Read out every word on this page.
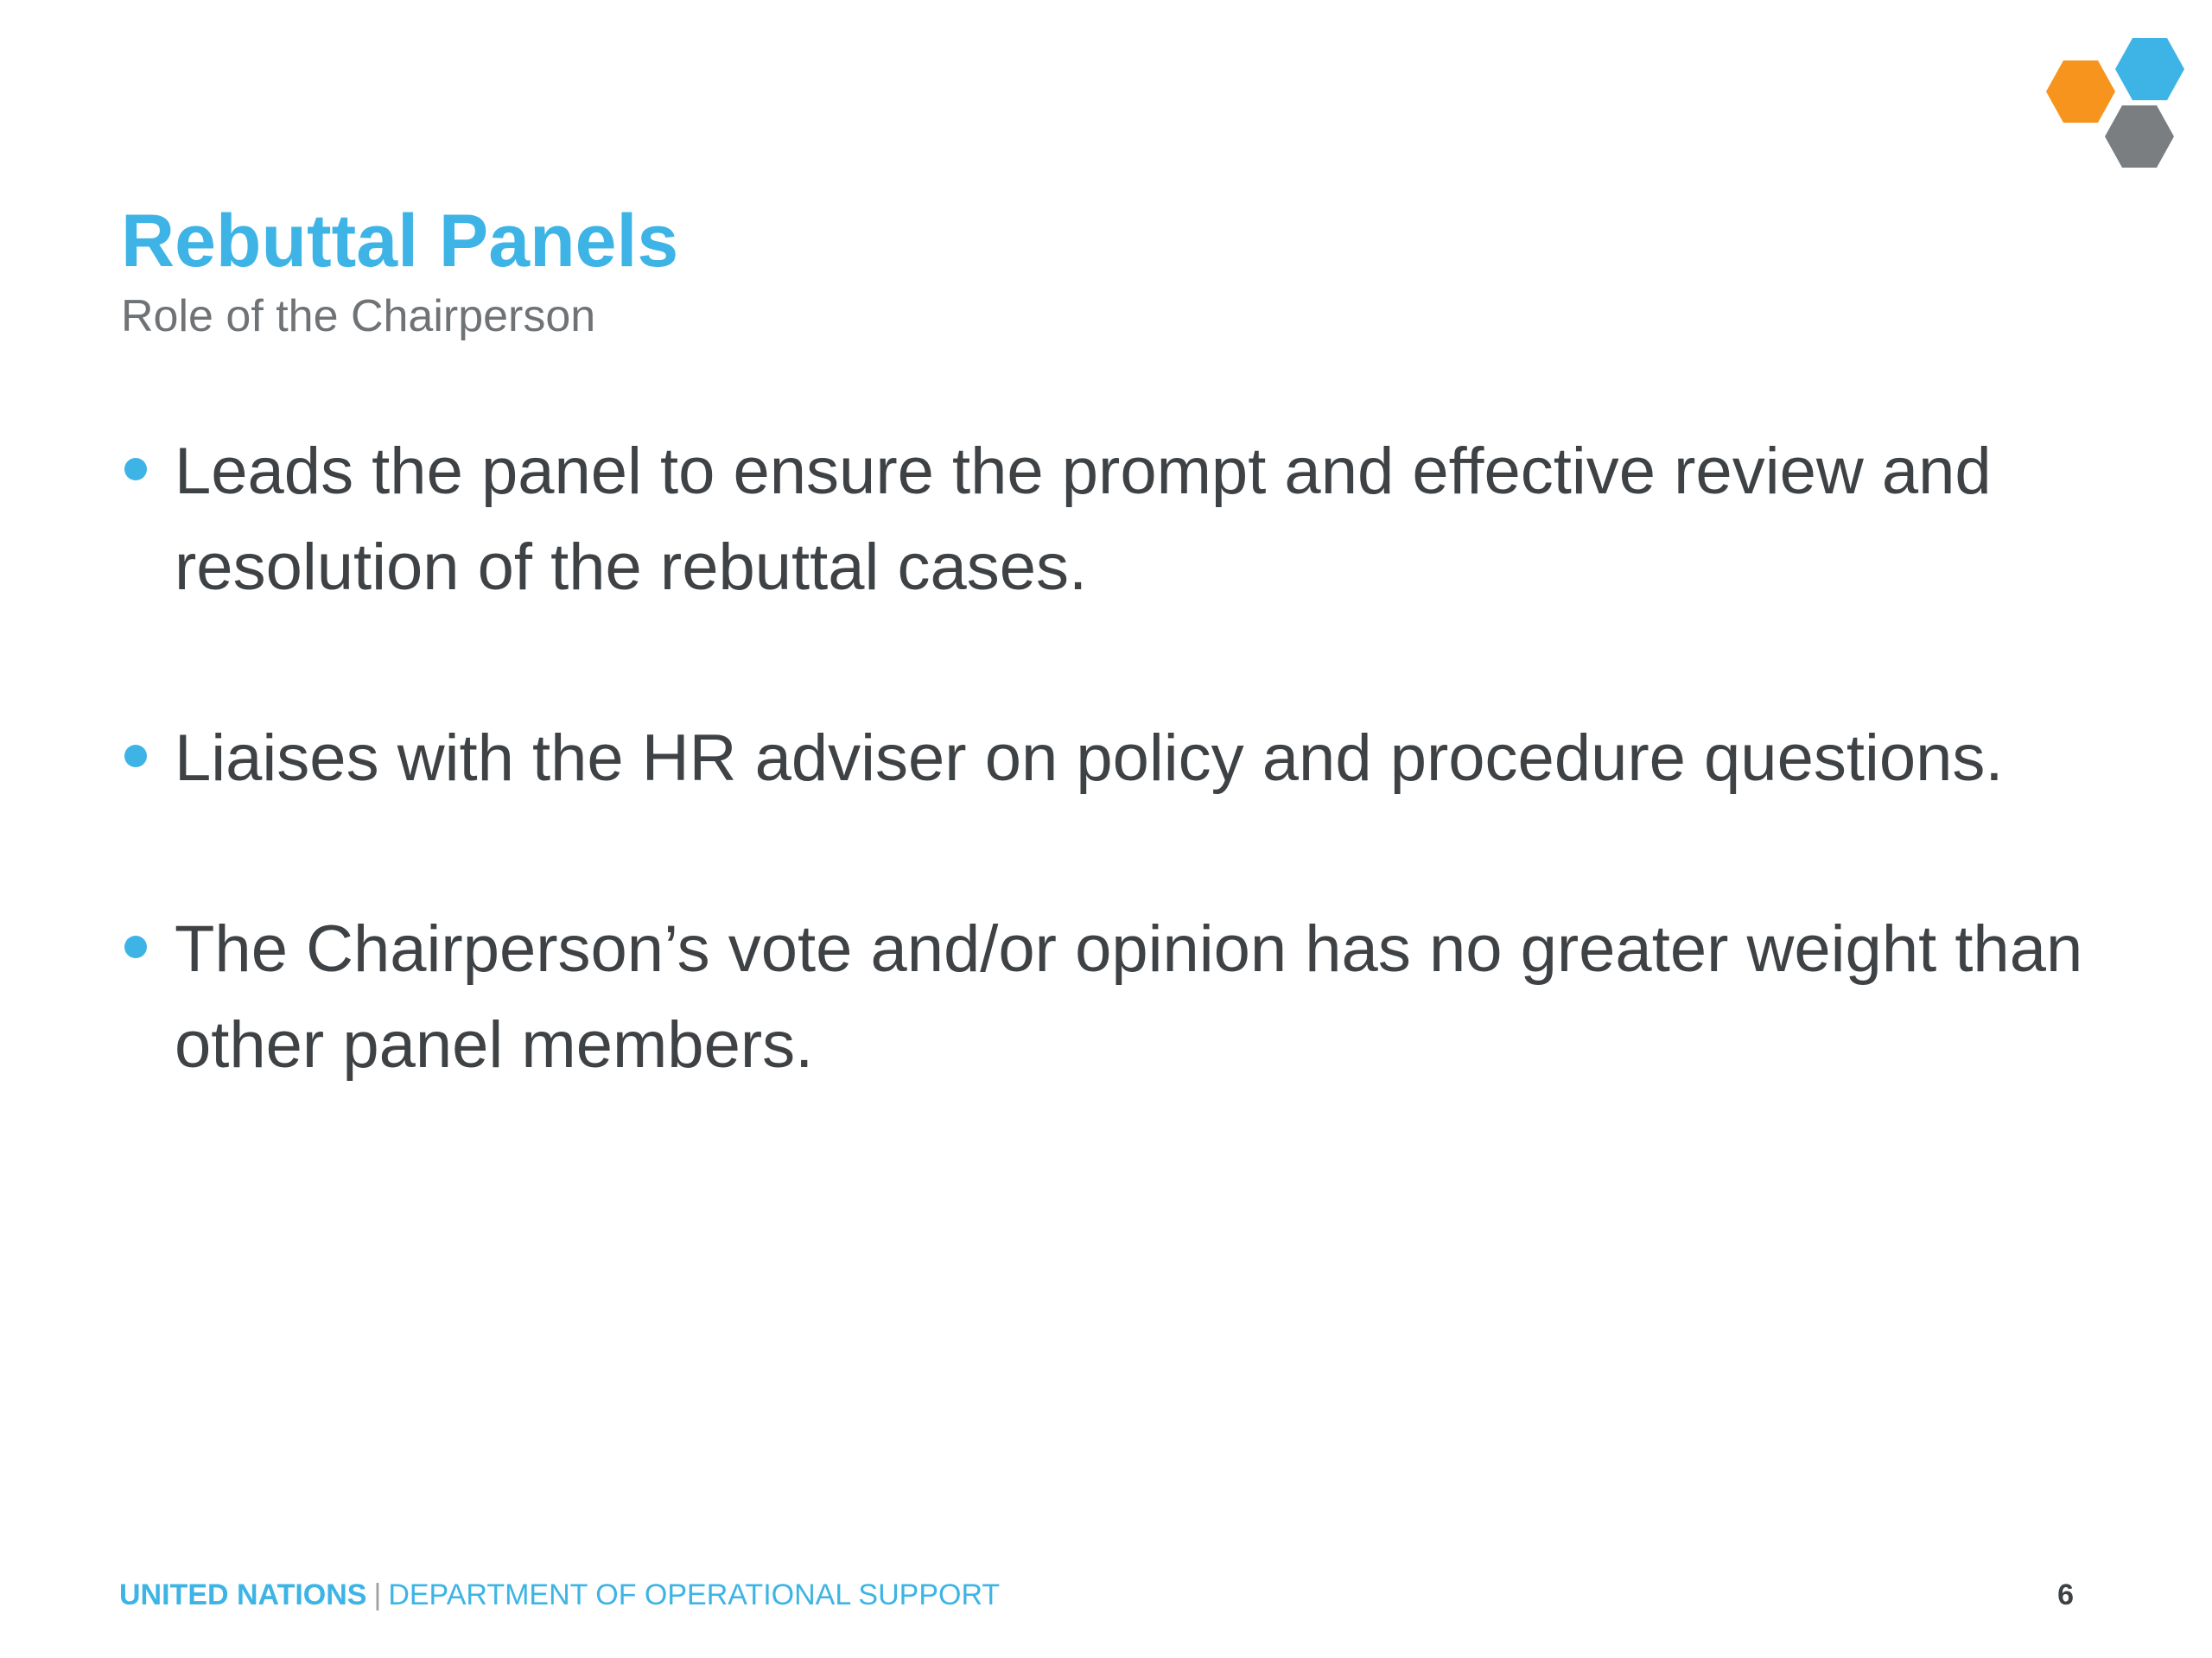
Rebuttal Panels
Role of the Chairperson
Leads the panel to ensure the prompt and effective review and resolution of the rebuttal cases.
Liaises with the HR adviser on policy and procedure questions.
The Chairperson’s vote and/or opinion has no greater weight than other panel members.
UNITED NATIONS | DEPARTMENT OF OPERATIONAL SUPPORT	6
